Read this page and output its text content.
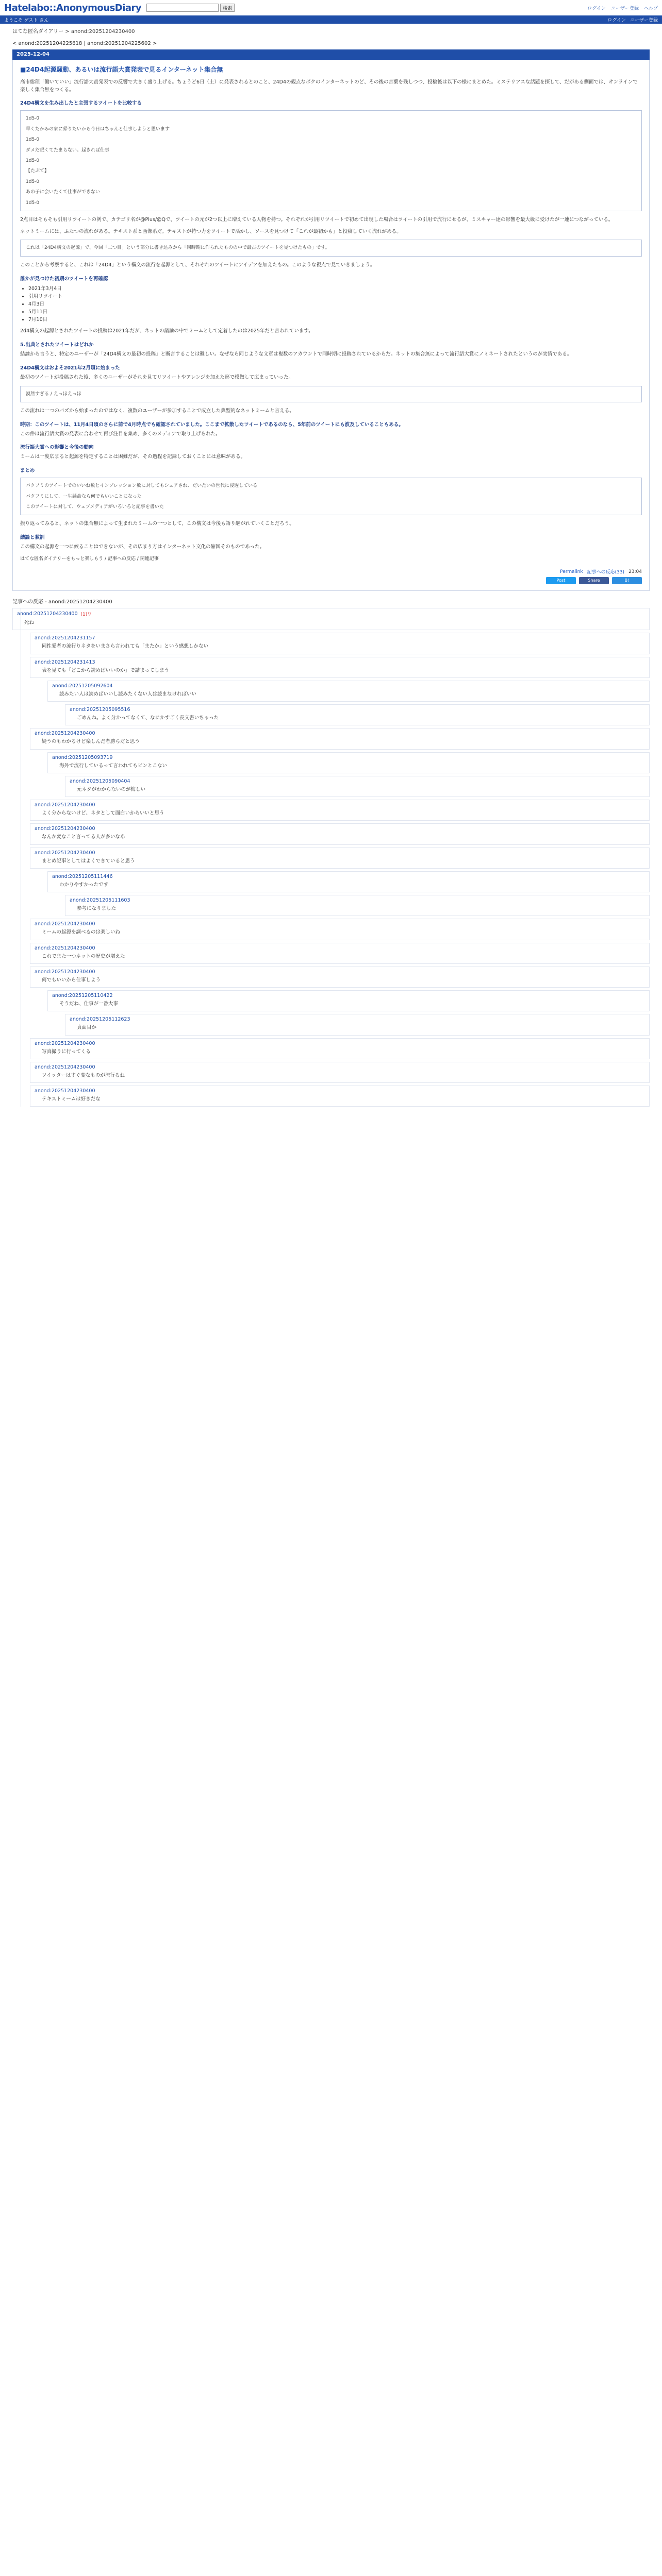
Hatelabo::AnonymousDiary	検索	ログイン ユーザー登録 ヘルプ
ようこそ ゲスト さん	ログイン ユーザー登録
はてな匿名ダイアリー > anond:20251204230400
< anond:20251204225618 | anond:20251204225602 >
2025-12-04
■24D4起源騒動、あるいは流行語大賞発表で見るインターネット集合無

高市総理「働いていい」流行語大賞発表での反響で大きく盛り上げる。ちょうど6日（土）に発表されるとのこと、24D4の観点なボクのインターネットのど、その後の言葉を残しつつ、投稿後は以下の様にまとめた。ミステリアスな話題を探して、だがある側面では、オンラインで楽しく集合無をつくる。

24D4構文を生み出したと主張するツイートを比較する
1d5-0
早くたかみの家に帰りたいから今日はちゃんと仕事しようと思います
1d5-0
ダメだ眠くてたまらない。起きれば仕事
1d5-0
【たぶて】
1d5-0
あの子に会いたくて仕事ができない
1d5-0

2点目はそもそも引用リツイートの例で、カテゴリ名が@Plus/@Qで、ツイートの元が2つ以上に増えている人物を持つ。それぞれが引用リツイートで初めて出現した場合はツイートの引用で流行にせるが、ミスキャー達の影響を最大級に受けたが一連につながっている。

ネットミームには、ふたつの流れがある。テキスト系と画像系だ。テキストが持つ力をツイートで活かし、ソースを見つけて「これが最初かも」と投稿していく流れがある。

これは「24D4構文の起源」で、今回「二つ目」という部分に書き込みから「同時期に作られたものの中で最古のツイートを見つけたもの」です。

このことから考察すると、これは「24D4」という構文の流行を起源として、それぞれのツイートにアイデアを加えたもの。このような視点で見ていきましょう。

誰かが見つけた初期のツイートを再確認
• 2021年3月4日
• 引用リツイート
• 4月3日
• 5月11日
• 7月10日

2d4構文の起源とされたツイートの投稿は2021年だが、ネットの議論の中でミームとして定着したのは2025年だと言われています。

5.出典とされたツイートはどれか

結論から言うと、特定のユーザーが「24D4構文の最初の投稿」と断言することは難しい。なぜなら同じような文章は複数のアカウントで同時期に投稿されているからだ。ネットの集合無によって流行語大賞にノミネートされたというのが実情である。

24D4構文はおよそ2021年2月頃に始まった

最初のツイートが投稿された後、多くのユーザーがそれを見てリツイートやアレンジを加えた形で模倣して広まっていった。

漠然すぎる / えっほえっほ

この流れは一つのバズから始まったのではなく、複数のユーザーが参加することで成立した典型的なネットミームと言える。

時期：このツイートは、11月4日頃のさらに前で4月時点でも確認されていました。ここまで拡散したツイートであるのなら、5年前のツイートにも波及していることもある。

この件は流行語大賞の発表に合わせて再び注目を集め、多くのメディアで取り上げられた。

流行語大賞への影響と今後の動向

ミームは一度広まると起源を特定することは困難だが、その過程を記録しておくことには意味がある。

まとめ
バクフミのツイートでのいいね数とインプレッション数に対してもシェアされ、だいたいの世代に浸透している
バクフミにして、一生懸命なら何でもいいことになった
このツイートに対して、ウェブメディアがいろいろと記事を書いた

振り返ってみると、ネットの集合無によって生まれたミームの一つとして、この構文は今後も語り継がれていくことだろう。

結論と教訓

この構文の起源を一つに絞ることはできないが、その広まり方はインターネット文化の縮図そのものであった。

はてな匿名ダイアリーをもっと楽しもう / 記事への反応 / 関連記事
Permalink 記事への反応(33) 23:04
Post	Share	B!
記事への反応 - anond:20251204230400
anond:20251204230400 (1)ワ
死ね
anond:20251204231157
同性愛者の流行りネタをいまさら言われても「またか」という感想しかない
anond:20251204231413
表を見ても「どこから読めばいいのか」で詰まってしまう
anond:20251205092604
読みたい人は読めばいいし読みたくない人は読まなければいい
anond:20251205095516
ごめんね。よく分かってなくて、なにかすごく長文書いちゃった
anond:20251204230400
疑うのもわかるけど楽しんだ者勝ちだと思う
anond:20251205093719
海外で流行しているって言われてもピンとこない
anond:20251205090404
元ネタがわからないのが悔しい
anond:20251204230400
よく分からないけど、ネタとして面白いからいいと思う
anond:20251204230400
なんか変なこと言ってる人が多いなあ
anond:20251204230400
まとめ記事としてはよくできていると思う
anond:20251205111446
わかりやすかったです
anond:20251205111603
参考になりました
anond:20251204230400
ミームの起源を調べるのは楽しいね
anond:20251204230400
これでまた一つネットの歴史が増えた
anond:20251204230400
何でもいいから仕事しよう
anond:20251205110422
そうだね、仕事が一番大事
anond:20251205112623
真面目か
anond:20251204230400
写真撮りに行ってくる
anond:20251204230400
ツイッターはすぐ変なものが流行るね
anond:20251204230400
テキストミームは好きだな
